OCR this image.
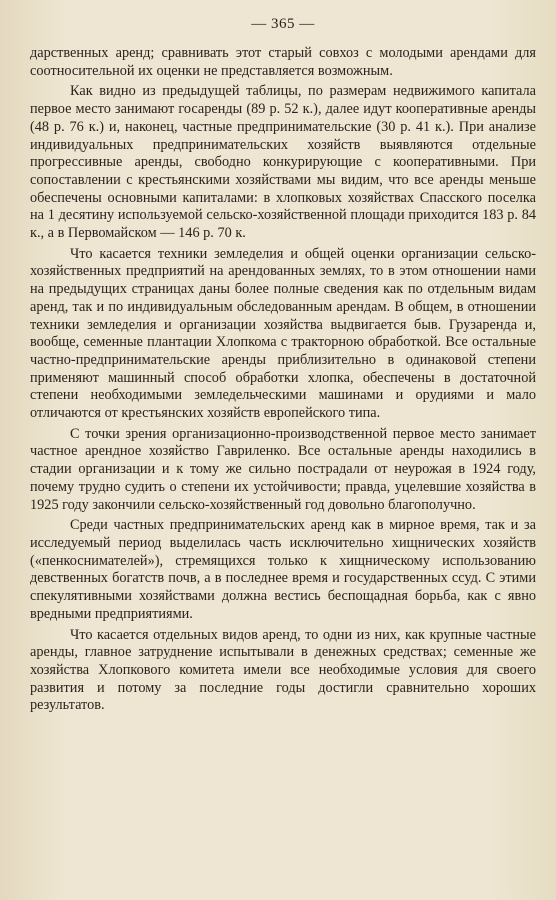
— 365 —

дарственных аренд; сравнивать этот старый совхоз с молодыми арендами для соотносительной их оценки не представляется возможным.

Как видно из предыдущей таблицы, по размерам недвижимого капитала первое место занимают госаренды (89 р. 52 к.), далее идут кооперативные аренды (48 р. 76 к.) и, наконец, частные предпринимательские (30 р. 41 к.). При анализе индивидуальных предпринимательских хозяйств выявляются отдельные прогрессивные аренды, свободно конкурирующие с кооперативными. При сопоставлении с крестьянскими хозяйствами мы видим, что все аренды меньше обеспечены основными капиталами: в хлопковых хозяйствах Спасского поселка на 1 десятину используемой сельско-хозяйственной площади приходится 183 р. 84 к., а в Первомайском — 146 р. 70 к.

Что касается техники земледелия и общей оценки организации сельско-хозяйственных предприятий на арендованных землях, то в этом отношении нами на предыдущих страницах даны более полные сведения как по отдельным видам аренд, так и по индивидуальным обследованным арендам. В общем, в отношении техники земледелия и организации хозяйства выдвигается быв. Грузаренда и, вообще, семенные плантации Хлопкома с тракторною обработкой. Все остальные частно-предпринимательские аренды приблизительно в одинаковой степени применяют машинный способ обработки хлопка, обеспечены в достаточной степени необходимыми земледельческими машинами и орудиями и мало отличаются от крестьянских хозяйств европейского типа.

С точки зрения организационно-производственной первое место занимает частное арендное хозяйство Гавриленко. Все остальные аренды находились в стадии организации и к тому же сильно пострадали от неурожая в 1924 году, почему трудно судить о степени их устойчивости; правда, уцелевшие хозяйства в 1925 году закончили сельско-хозяйственный год довольно благополучно.

Среди частных предпринимательских аренд как в мирное время, так и за исследуемый период выделилась часть исключительно хищнических хозяйств («пенкоснимателей»), стремящихся только к хищническому использованию девственных богатств почв, а в последнее время и государственных ссуд. С этими спекулятивными хозяйствами должна вестись беспощадная борьба, как с явно вредными предприятиями.

Что касается отдельных видов аренд, то одни из них, как крупные частные аренды, главное затруднение испытывали в денежных средствах; семенные же хозяйства Хлопкового комитета имели все необходимые условия для своего развития и потому за последние годы достигли сравнительно хороших результатов.
